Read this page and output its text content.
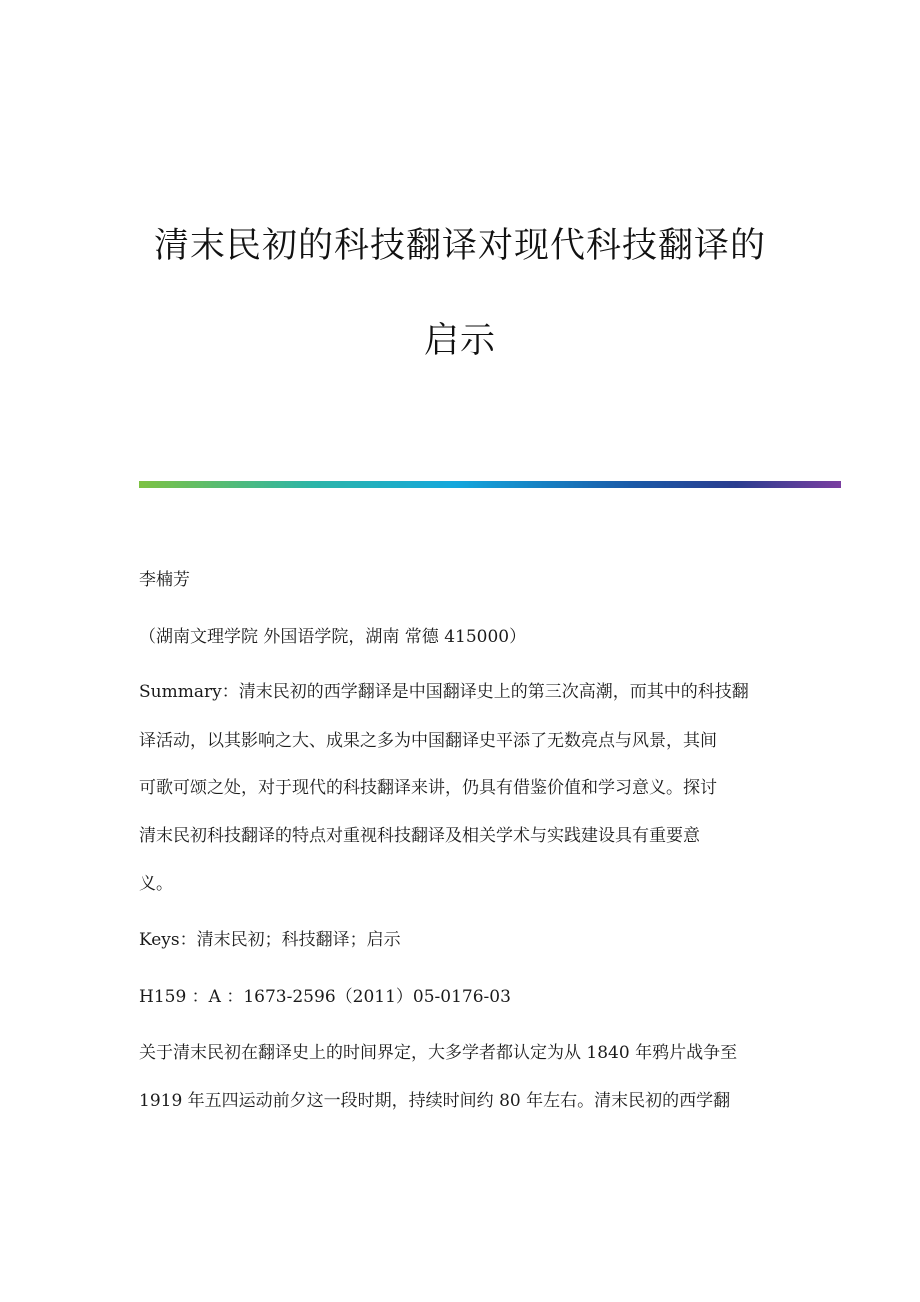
清末民初的科技翻译对现代科技翻译的
启示
李楠芳
（湖南文理学院 外国语学院，湖南 常德 415000）
Summary：清末民初的西学翻译是中国翻译史上的第三次高潮，而其中的科技翻
译活动，以其影响之大、成果之多为中国翻译史平添了无数亮点与风景，其间
可歌可颂之处，对于现代的科技翻译来讲，仍具有借鉴价值和学习意义。探讨
清末民初科技翻译的特点对重视科技翻译及相关学术与实践建设具有重要意
义。
Keys：清末民初；科技翻译；启示
H159 ：A ：1673-2596（2011）05-0176-03
关于清末民初在翻译史上的时间界定，大多学者都认定为从 1840 年鸦片战争至
1919 年五四运动前夕这一段时期，持续时间约 80 年左右。清末民初的西学翻
